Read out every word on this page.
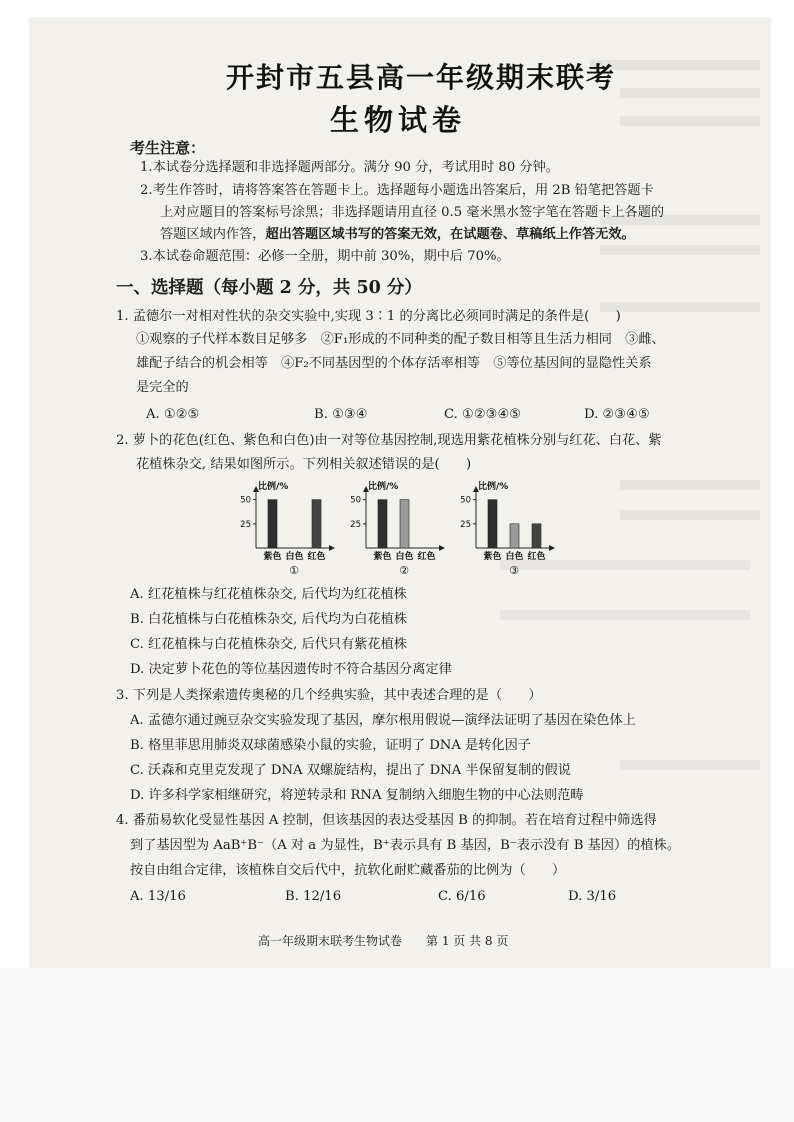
开封市五县高一年级期末联考
生物试卷
考生注意：
1.本试卷分选择题和非选择题两部分。满分 90 分，考试用时 80 分钟。
2.考生作答时，请将答案答在答题卡上。选择题每小题选出答案后，用 2B 铅笔把答题卡
上对应题目的答案标号涂黑；非选择题请用直径 0.5 毫米黑水签字笔在答题卡上各题的
答题区域内作答，超出答题区域书写的答案无效，在试题卷、草稿纸上作答无效。
3.本试卷命题范围：必修一全册，期中前 30%，期中后 70%。
一、选择题（每小题 2 分，共 50 分）
1. 孟德尔一对相对性状的杂交实验中,实现 3∶1 的分离比必须同时满足的条件是(　　)
①观察的子代样本数目足够多　②F₁形成的不同种类的配子数目相等且生活力相同　③雌、
雄配子结合的机会相等　④F₂不同基因型的个体存活率相等　⑤等位基因间的显隐性关系
是完全的
A. ①②⑤	B. ①③④	C. ①②③④⑤	D. ②③④⑤
2. 萝卜的花色(红色、紫色和白色)由一对等位基因控制,现选用紫花植株分别与红花、白花、紫
花植株杂交, 结果如图所示。下列相关叙述错误的是(　　)
比例/%
50
25
紫色 白色 红色
①
比例/%
50
25
紫色 白色 红色
②
比例/%
50
25
紫色 白色 红色
③
A. 红花植株与红花植株杂交, 后代均为红花植株
B. 白花植株与白花植株杂交, 后代均为白花植株
C. 红花植株与白花植株杂交, 后代只有紫花植株
D. 决定萝卜花色的等位基因遗传时不符合基因分离定律
3. 下列是人类探索遗传奥秘的几个经典实验，其中表述合理的是（　　）
A. 孟德尔通过豌豆杂交实验发现了基因，摩尔根用假说—演绎法证明了基因在染色体上
B. 格里菲思用肺炎双球菌感染小鼠的实验，证明了 DNA 是转化因子
C. 沃森和克里克发现了 DNA 双螺旋结构，提出了 DNA 半保留复制的假说
D. 许多科学家相继研究，将逆转录和 RNA 复制纳入细胞生物的中心法则范畴
4. 番茄易软化受显性基因 A 控制，但该基因的表达受基因 B 的抑制。若在培育过程中筛选得
到了基因型为 AaB⁺B⁻（A 对 a 为显性，B⁺表示具有 B 基因，B⁻表示没有 B 基因）的植株。
按自由组合定律，该植株自交后代中，抗软化耐贮藏番茄的比例为（　　）
A. 13/16	B. 12/16	C. 6/16	D. 3/16
高一年级期末联考生物试卷　　第 1 页 共 8 页
